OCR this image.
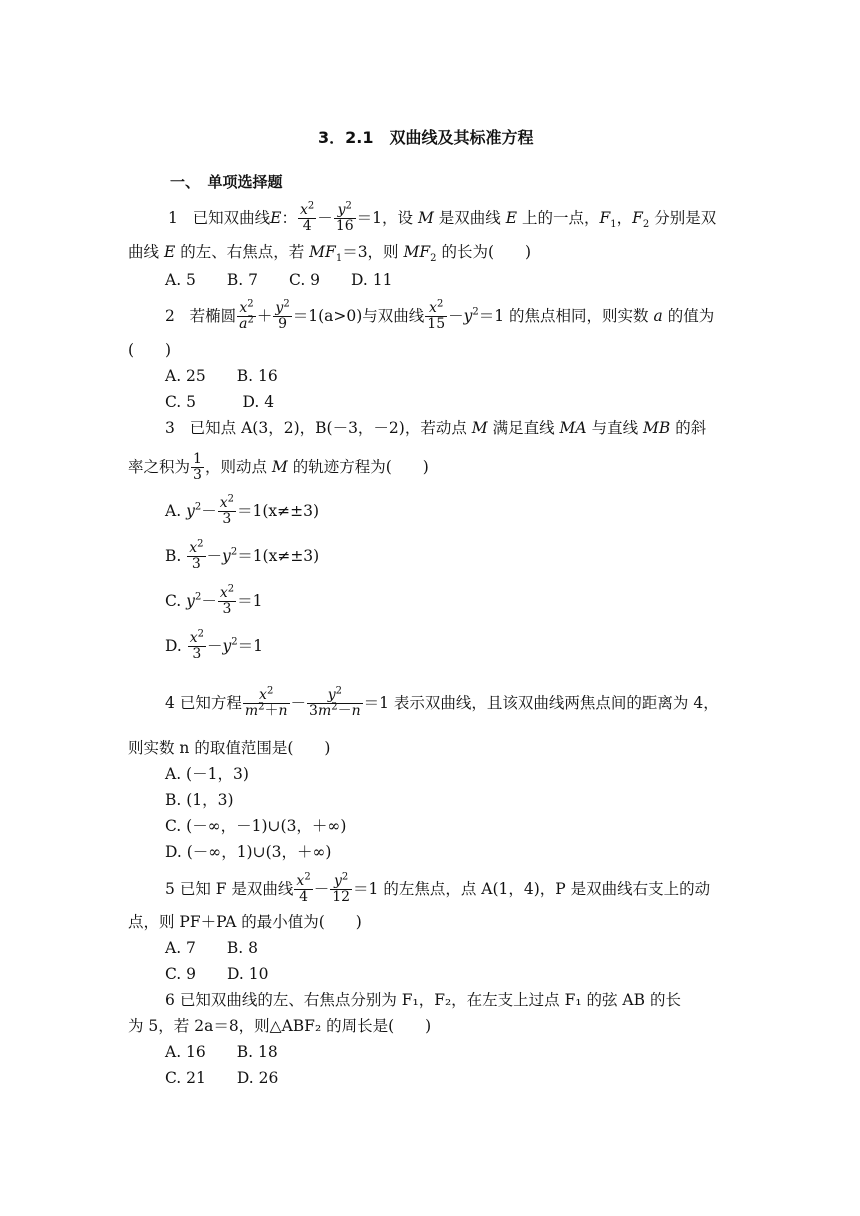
3．2.1　双曲线及其标准方程
一、　单项选择题
1 已知双曲线E： $\frac{x^2}{4} - \frac{y^2}{16} =1$，设 M 是双曲线 E 上的一点，$F_1$，$F_2$ 分别是双
曲线 E 的左、右焦点，若 $MF_1=3$，则 $MF_2$ 的长为(　　)
A. 5　　B. 7　　C. 9　　D. 11
2 若椭圆 $\frac{x^2}{a^2} + \frac{y^2}{9} =1(a>0)$与双曲线 $\frac{x^2}{15} -y^2=1$ 的焦点相同，则实数 a 的值为
(　　)
A. 25　　B. 16
C. 5　　　D. 4
3 已知点 A(3，2)，B(－3，－2)，若动点 M 满足直线 MA 与直线 MB 的斜
率之积为 $\frac{1}{3}$ ，则动点 M 的轨迹方程为(　　)
A. $y^2- \frac{x^2}{3} =1(x\ne\pm 3)$
B. $\frac{x^2}{3} -y^2=1(x\ne\pm 3)$
C. $y^2- \frac{x^2}{3} =1$
D. $\frac{x^2}{3} -y^2=1$
4 已知方程 $\frac{x^2}{m^2+n} - \frac{y^2}{3m^2-n} =1$ 表示双曲线，且该双曲线两焦点间的距离为 4，
则实数 n 的取值范围是(　　)
A. (－1，3)
B. (1，3)
C. (－∞，－1)∪(3，＋∞)
D. (－∞，1)∪(3，＋∞)
5 已知 F 是双曲线 $\frac{x^2}{4} - \frac{y^2}{12} =1$ 的左焦点，点 A(1，4)，P 是双曲线右支上的动
点，则 PF＋PA 的最小值为(　　)
A. 7　　B. 8
C. 9　　D. 10
6 已知双曲线的左、右焦点分别为 F₁，F₂，在左支上过点 F₁ 的弦 AB 的长
为 5，若 2a＝8，则△ABF₂ 的周长是(　　)
A. 16　　B. 18
C. 21　　D. 26
